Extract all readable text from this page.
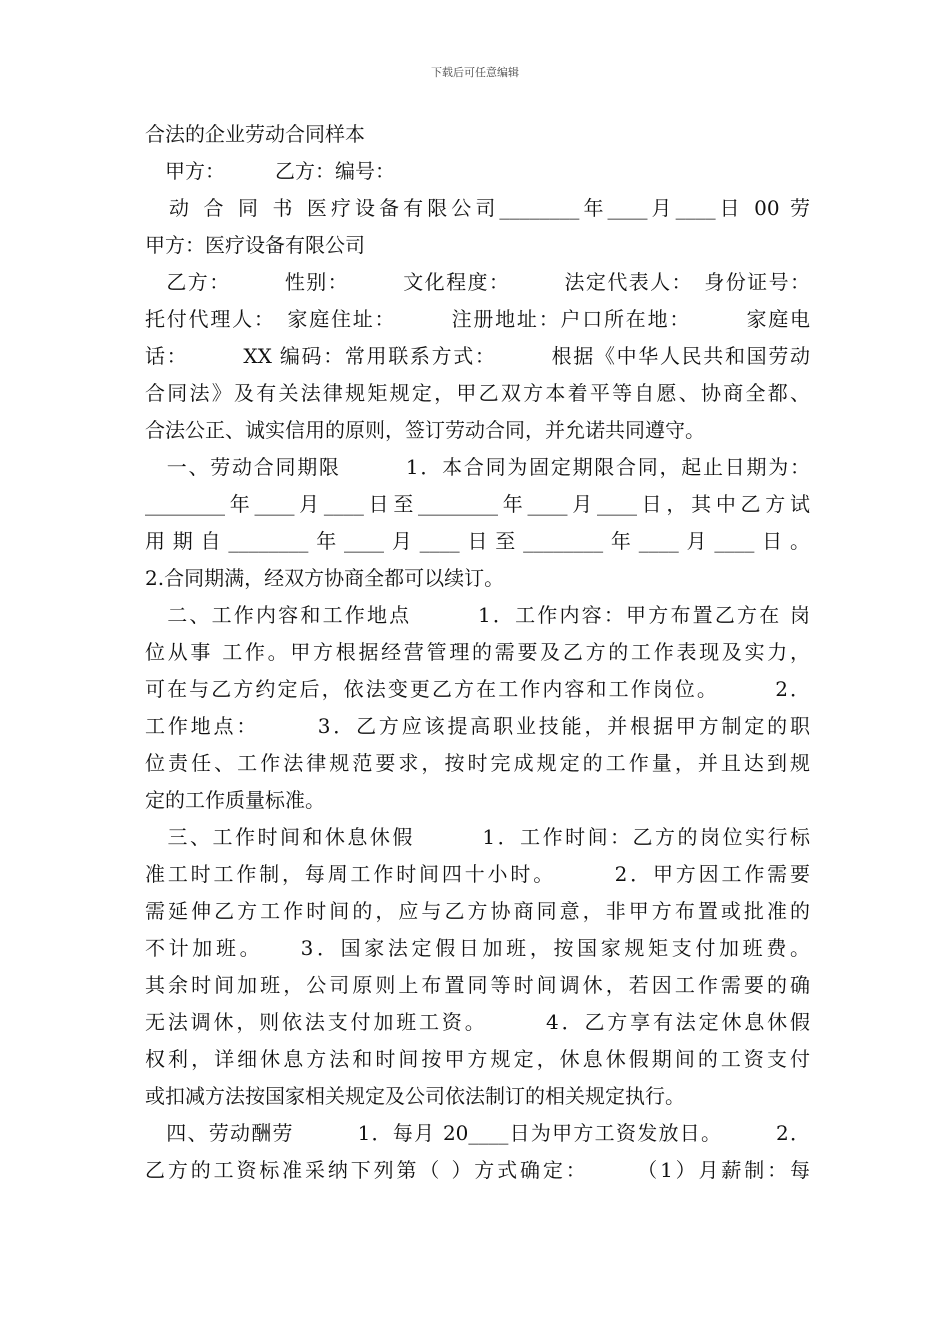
下载后可任意编辑
合法的企业劳动合同样本
　甲方：　　　乙方：编号：
　动 合 同 书 医疗设备有限公司________年____月____日 00 劳
甲方：医疗设备有限公司
　乙方：　　　性别：　　　文化程度：　　　法定代表人：　身份证号：
托付代理人：　家庭住址：　　　注册地址：户口所在地：　　　家庭电
话：　　　XX 编码：常用联系方式：　　　根据《中华人民共和国劳动
合同法》及有关法律规矩规定，甲乙双方本着平等自愿、协商全都、
合法公正、诚实信用的原则，签订劳动合同，并允诺共同遵守。
　一、劳动合同期限　　　1．本合同为固定期限合同，起止日期为：
________年____月____日至________年____月____日，其中乙方试
用期自________年____月____日至________年____月____日。
2.合同期满，经双方协商全都可以续订。
　二、工作内容和工作地点　　　1．工作内容：甲方布置乙方在 岗
位从事 工作。甲方根据经营管理的需要及乙方的工作表现及实力，
可在与乙方约定后，依法变更乙方在工作内容和工作岗位。　　　2．
工作地点：　　　3．乙方应该提高职业技能，并根据甲方制定的职
位责任、工作法律规范要求，按时完成规定的工作量，并且达到规
定的工作质量标准。
　三、工作时间和休息休假　　　1．工作时间：乙方的岗位实行标
准工时工作制，每周工作时间四十小时。　　　2．甲方因工作需要
需延伸乙方工作时间的，应与乙方协商同意，非甲方布置或批准的
不计加班。　　3．国家法定假日加班，按国家规矩支付加班费。
其余时间加班，公司原则上布置同等时间调休，若因工作需要的确
无法调休，则依法支付加班工资。　　　4．乙方享有法定休息休假
权利，详细休息方法和时间按甲方规定，休息休假期间的工资支付
或扣减方法按国家相关规定及公司依法制订的相关规定执行。
　四、劳动酬劳　　　1．每月 20____日为甲方工资发放日。　　　2．
乙方的工资标准采纳下列第（ ）方式确定：　　　（1）月薪制：每
